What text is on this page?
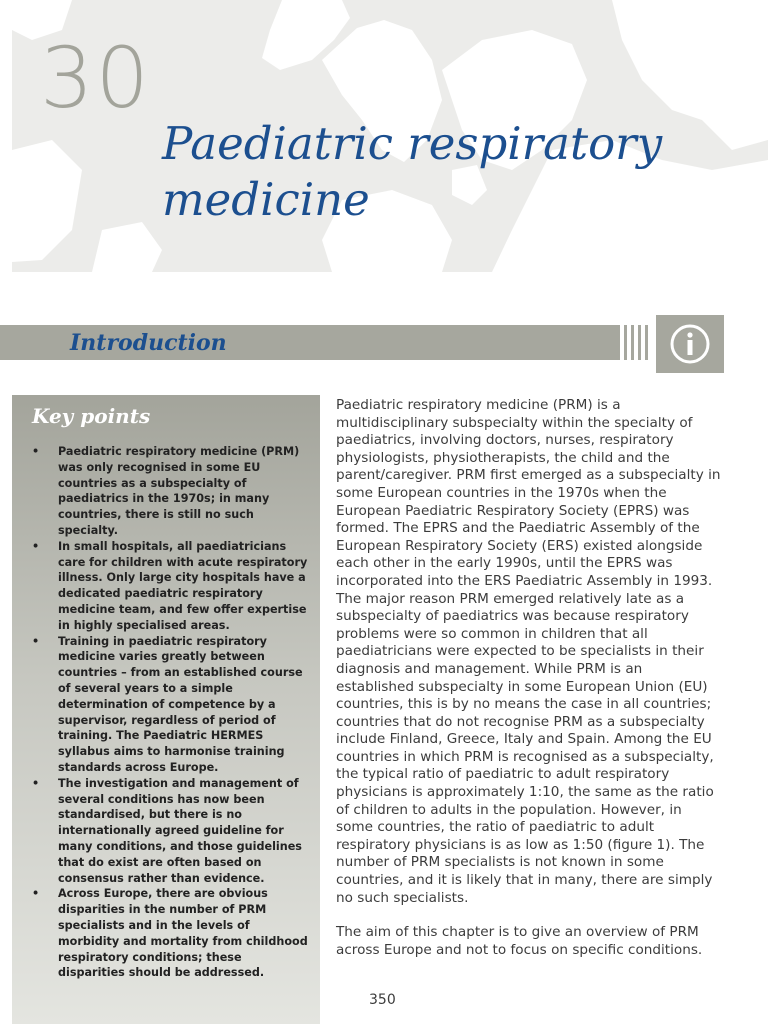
30
Paediatric respiratory medicine
Introduction
Key points
• Paediatric respiratory medicine (PRM) was only recognised in some EU countries as a subspecialty of paediatrics in the 1970s; in many countries, there is still no such specialty.
• In small hospitals, all paediatricians care for children with acute respiratory illness. Only large city hospitals have a dedicated paediatric respiratory medicine team, and few offer expertise in highly specialised areas.
• Training in paediatric respiratory medicine varies greatly between countries – from an established course of several years to a simple determination of competence by a supervisor, regardless of period of training. The Paediatric HERMES syllabus aims to harmonise training standards across Europe.
• The investigation and management of several conditions has now been standardised, but there is no internationally agreed guideline for many conditions, and those guidelines that do exist are often based on consensus rather than evidence.
• Across Europe, there are obvious disparities in the number of PRM specialists and in the levels of morbidity and mortality from childhood respiratory conditions; these disparities should be addressed.

Paediatric respiratory medicine (PRM) is a multidisciplinary subspecialty within the specialty of paediatrics, involving doctors, nurses, respiratory physiologists, physiotherapists, the child and the parent/caregiver. PRM first emerged as a subspecialty in some European countries in the 1970s when the European Paediatric Respiratory Society (EPRS) was formed. The EPRS and the Paediatric Assembly of the European Respiratory Society (ERS) existed alongside each other in the early 1990s, until the EPRS was incorporated into the ERS Paediatric Assembly in 1993. The major reason PRM emerged relatively late as a subspecialty of paediatrics was because respiratory problems were so common in children that all paediatricians were expected to be specialists in their diagnosis and management. While PRM is an established subspecialty in some European Union (EU) countries, this is by no means the case in all countries; countries that do not recognise PRM as a subspecialty include Finland, Greece, Italy and Spain. Among the EU countries in which PRM is recognised as a subspecialty, the typical ratio of paediatric to adult respiratory physicians is approximately 1:10, the same as the ratio of children to adults in the population. However, in some countries, the ratio of paediatric to adult respiratory physicians is as low as 1:50 (figure 1). The number of PRM specialists is not known in some countries, and it is likely that in many, there are simply no such specialists.

The aim of this chapter is to give an overview of PRM across Europe and not to focus on specific conditions.

350
